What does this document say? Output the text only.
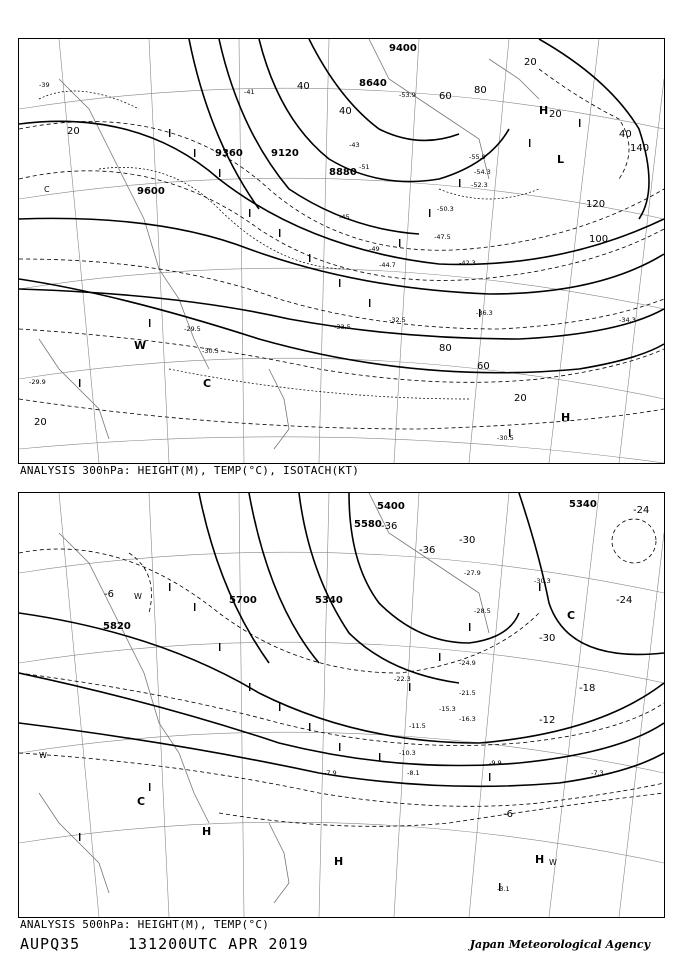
9400
9360	9120
8880
8640
9600
20
40
60
80
100
120
140
40
60
80
20
20
20
20
40
-39
-41
-43
-45
-47.5
-49
-51
-53.9
-55.9
-54.3
-52.3
-50.3
-42.3
-44.7
-36.3
-34.3
-32.5
-33.5
-29.5
-30.5
-29.9
-30.5
H
H
L
W
C
C
ANALYSIS 300hPa: HEIGHT(M), TEMP(°C), ISOTACH(KT)
5400
5700	5340
5340
5820
5580
-36
-30
-24
-24
-18
-12
-6
-6
-30
-36
-27.9
-28.5
-24.9
-21.5
-16.3
-10.3
-9.9
-7.3
-3.1
-8.1
-7.9
-11.5
-15.3
-22.3
-30.3
H
H	H
W
W
W
C
C
ANALYSIS 500hPa: HEIGHT(M), TEMP(°C)
AUPQ35	131200UTC APR 2019	Japan Meteorological Agency
